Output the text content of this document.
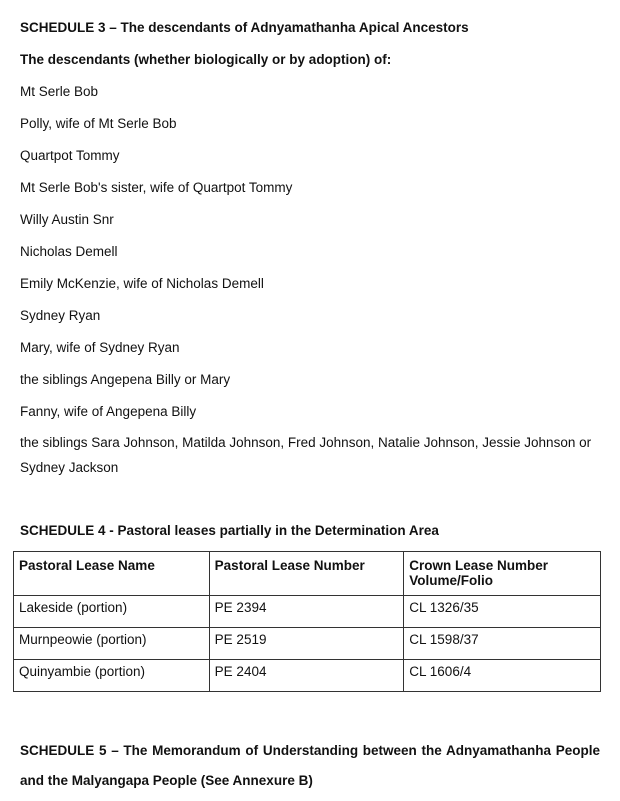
SCHEDULE 3 – The descendants of Adnyamathanha Apical Ancestors
The descendants (whether biologically or by adoption) of:
Mt Serle Bob
Polly, wife of Mt Serle Bob
Quartpot Tommy
Mt Serle Bob's sister, wife of Quartpot Tommy
Willy Austin Snr
Nicholas Demell
Emily McKenzie, wife of Nicholas Demell
Sydney Ryan
Mary, wife of Sydney Ryan
the siblings Angepena Billy or Mary
Fanny, wife of Angepena Billy
the siblings Sara Johnson, Matilda Johnson, Fred Johnson, Natalie Johnson, Jessie Johnson or Sydney Jackson
SCHEDULE 4 - Pastoral leases partially in the Determination Area
SCHEDULE 5 – The Memorandum of Understanding between the Adnyamathanha People and the Malyangapa People (See Annexure B)
Pastoral Lease Name	Pastoral Lease Number	Crown Lease Number Volume/Folio
Lakeside (portion)	PE 2394	CL 1326/35
Murnpeowie (portion)	PE 2519	CL 1598/37
Quinyambie (portion)	PE 2404	CL 1606/4
